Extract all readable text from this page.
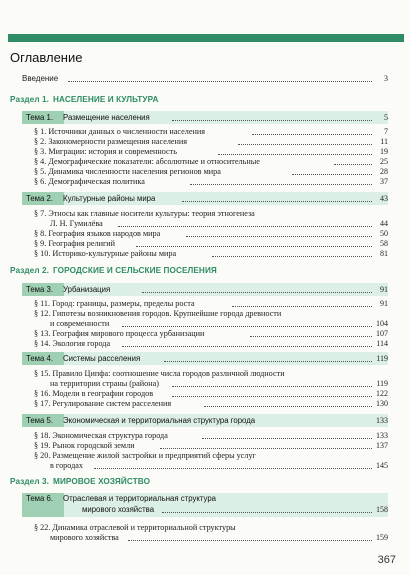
Оглавление
Введение	3
Раздел 1. НАСЕЛЕНИЕ И КУЛЬТУРА
Тема 1. Размещение населения	5
§ 1. Источники данных о численности населения	7
§ 2. Закономерности размещения населения	11
§ 3. Миграции: история и современность	19
§ 4. Демографические показатели: абсолютные и относительные	25
§ 5. Динамика численности населения регионов мира	28
§ 6. Демографическая политика	37
Тема 2. Культурные районы мира	43
§ 7. Этносы как главные носители культуры: теория этногенеза
Л. Н. Гумилёва	44
§ 8. География языков народов мира	50
§ 9. География религий	58
§ 10. Историко-культурные районы мира	81
Раздел 2. ГОРОДСКИЕ И СЕЛЬСКИЕ ПОСЕЛЕНИЯ
Тема 3. Урбанизация	91
§ 11. Город: границы, размеры, пределы роста	91
§ 12. Гипотезы возникновения городов. Крупнейшие города древности
и современности	104
§ 13. География мирового процесса урбанизации	107
§ 14. Экология города	114
Тема 4. Системы расселения	119
§ 15. Правило Ципфа: соотношение числа городов различной людности
на территории страны (района)	119
§ 16. Модели в географии городов	122
§ 17. Регулирование систем расселения	130
Тема 5. Экономическая и территориальная структура города	133
§ 18. Экономическая структура города	133
§ 19. Рынок городской земли	137
§ 20. Размещение жилой застройки и предприятий сферы услуг
в городах	145
Раздел 3. МИРОВОЕ ХОЗЯЙСТВО
Тема 6. Отраслевая и территориальная структура
мирового хозяйства	158
§ 22. Динамика отраслевой и территориальной структуры
мирового хозяйства	159
367
